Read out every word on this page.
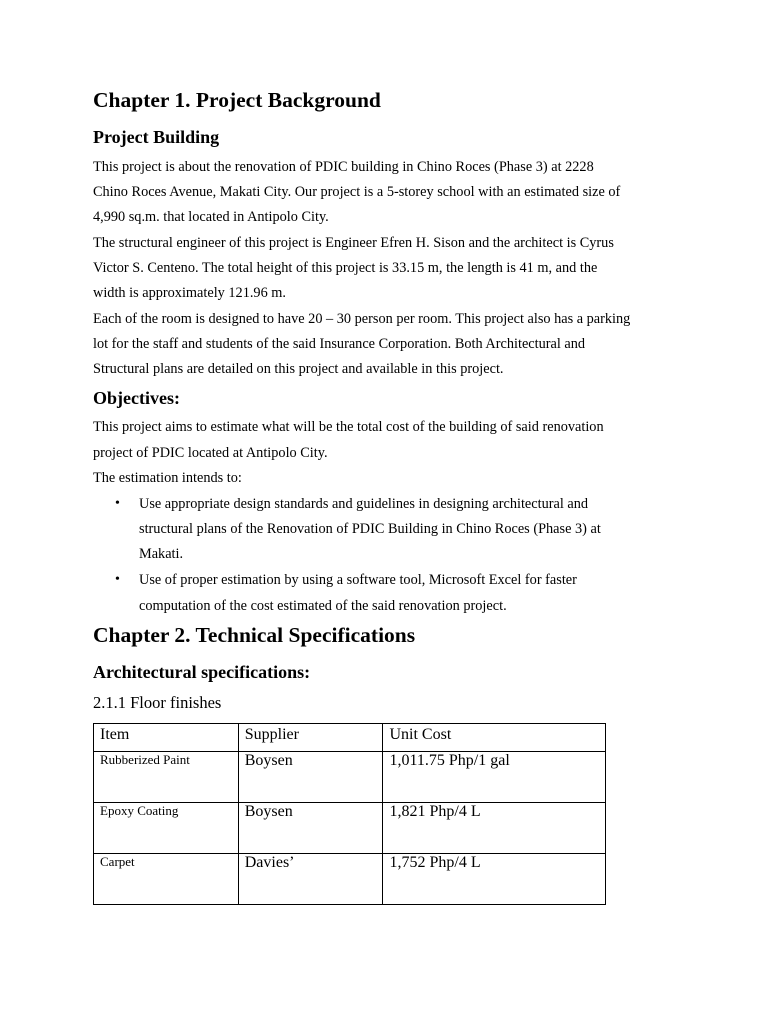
Chapter 1. Project Background
Project Building
This project is about the renovation of PDIC building in Chino Roces (Phase 3) at 2228
Chino Roces Avenue, Makati City. Our project is a 5-storey school with an estimated size of
4,990 sq.m. that located in Antipolo City.
The structural engineer of this project is Engineer Efren H. Sison and the architect is Cyrus
Victor S. Centeno. The total height of this project is 33.15 m, the length is 41 m, and the
width is approximately 121.96 m.
Each of the room is designed to have 20 – 30 person per room. This project also has a parking
lot for the staff and students of the said Insurance Corporation. Both Architectural and
Structural plans are detailed on this project and available in this project.
Objectives:
This project aims to estimate what will be the total cost of the building of said renovation
project of PDIC located at Antipolo City.
The estimation intends to:
• Use appropriate design standards and guidelines in designing architectural and
structural plans of the Renovation of PDIC Building in Chino Roces (Phase 3) at
Makati.
• Use of proper estimation by using a software tool, Microsoft Excel for faster
computation of the cost estimated of the said renovation project.
Chapter 2. Technical Specifications
Architectural specifications:
2.1.1 Floor finishes
Item	Supplier	Unit Cost
Rubberized Paint	Boysen	1,011.75 Php/1 gal
Epoxy Coating	Boysen	1,821 Php/4 L
Carpet	Davies’	1,752 Php/4 L
